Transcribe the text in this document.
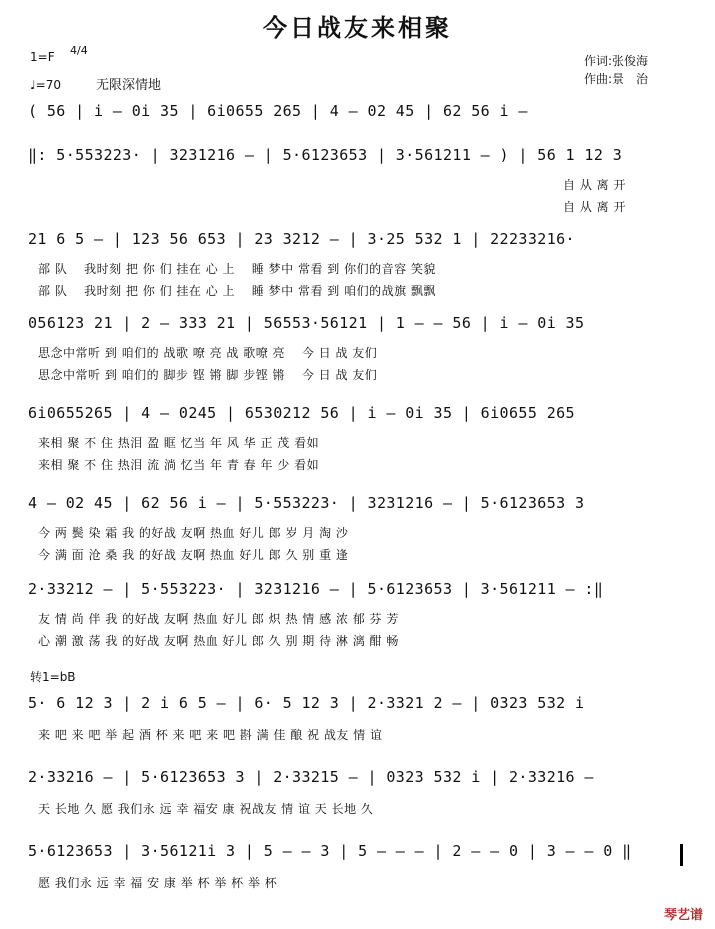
今日战友来相聚
1=F 4/4
♩=70	无限深情地
作词:张俊海
作曲:景　治
( 56 | i – 0i 35 | 6i0655 265 | 4 – 02 45 | 62 56 i –
‖: 5·553223· | 3231216 – | 5·6123653 | 3·561211 – ) | 56 1 12 3
自 从 离 开
自 从 离 开
21 6 5 – | 123 56 653 | 23 3212 – | 3·25 532 1 | 22233216·
部 队　 我时刻 把 你 们 挂在 心 上　 睡 梦中 常看 到 你们的音容 笑貌
部 队　 我时刻 把 你 们 挂在 心 上　 睡 梦中 常看 到 咱们的战旗 飘飘
056123 21 | 2 – 333 21 | 56553·56121 | 1 – – 56 | i – 0i 35
思念中常听 到 咱们的 战歌 嘹 亮 战 歌嘹 亮　 今 日 战 友们
思念中常听 到 咱们的 脚步 铿 锵 脚 步铿 锵　 今 日 战 友们
6i0655265 | 4 – 0245 | 6530212 56 | i – 0i 35 | 6i0655 265
来相 聚 不 住 热泪 盈 眶 忆当 年 风 华 正 茂 看如
来相 聚 不 住 热泪 流 淌 忆当 年 青 春 年 少 看如
4 – 02 45 | 62 56 i – | 5·553223· | 3231216 – | 5·6123653 3
今 两 鬓 染 霜 我 的好战 友啊 热血 好儿 郎 岁 月 淘 沙
今 满 面 沧 桑 我 的好战 友啊 热血 好儿 郎 久 别 重 逢
2·33212 – | 5·553223· | 3231216 – | 5·6123653 | 3·561211 – :‖
友 情 尚 伴 我 的好战 友啊 热血 好儿 郎 炽 热 情 感 浓 郁 芬 芳
心 潮 激 荡 我 的好战 友啊 热血 好儿 郎 久 别 期 待 淋 漓 酣 畅
转1=bB
5· 6 12 3 | 2 i 6 5 – | 6· 5 12 3 | 2·3321 2 – | 0323 532 i
来 吧 来 吧 举 起 酒 杯 来 吧 来 吧 斟 满 佳 酿 祝 战友 情 谊
2·33216 – | 5·6123653 3 | 2·33215 – | 0323 532 i | 2·33216 –
天 长地 久 愿 我们永 远 幸 福安 康 祝战友 情 谊 天 长地 久
5·6123653 | 3·56121i 3 | 5 – – 3 | 5 – – – | 2 – – 0 | 3 – – 0 ‖
愿 我们永 远 幸 福 安 康 举 杯 举 杯 举 杯
琴艺谱
